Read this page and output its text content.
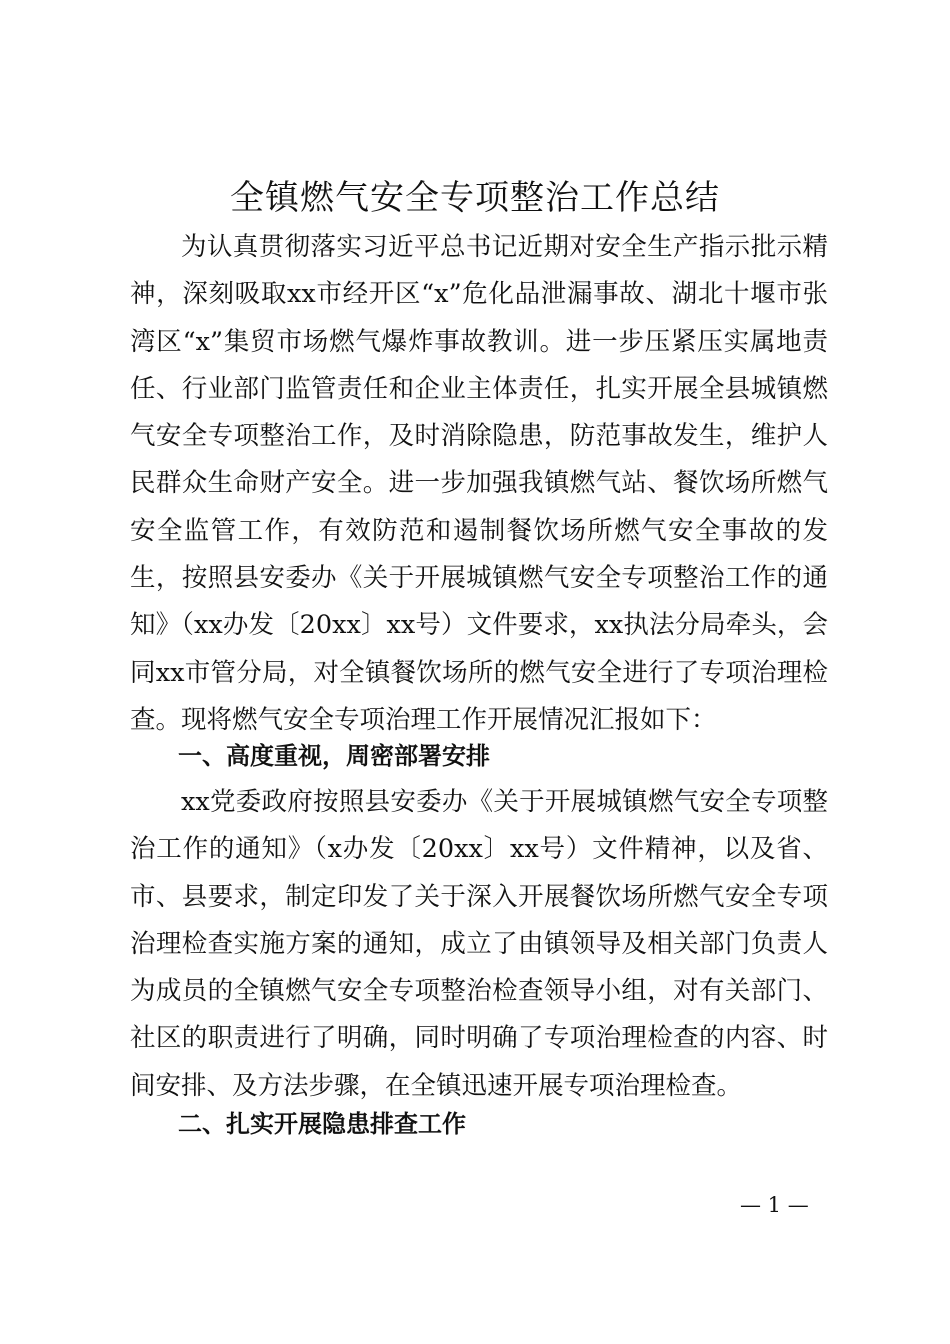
全镇燃气安全专项整治工作总结

为认真贯彻落实习近平总书记近期对安全生产指示批示精神，深刻吸取xx市经开区“x”危化品泄漏事故、湖北十堰市张湾区“x”集贸市场燃气爆炸事故教训。进一步压紧压实属地责任、行业部门监管责任和企业主体责任，扎实开展全县城镇燃气安全专项整治工作，及时消除隐患，防范事故发生，维护人民群众生命财产安全。进一步加强我镇燃气站、餐饮场所燃气安全监管工作，有效防范和遏制餐饮场所燃气安全事故的发生，按照县安委办《关于开展城镇燃气安全专项整治工作的通知》（xx办发〔20xx〕xx号）文件要求，xx执法分局牵头，会同xx市管分局，对全镇餐饮场所的燃气安全进行了专项治理检查。现将燃气安全专项治理工作开展情况汇报如下：

一、高度重视，周密部署安排

xx党委政府按照县安委办《关于开展城镇燃气安全专项整治工作的通知》（x办发〔20xx〕xx号）文件精神，以及省、市、县要求，制定印发了关于深入开展餐饮场所燃气安全专项治理检查实施方案的通知，成立了由镇领导及相关部门负责人为成员的全镇燃气安全专项整治检查领导小组，对有关部门、社区的职责进行了明确，同时明确了专项治理检查的内容、时间安排、及方法步骤，在全镇迅速开展专项治理检查。

二、扎实开展隐患排查工作
— 1 —
